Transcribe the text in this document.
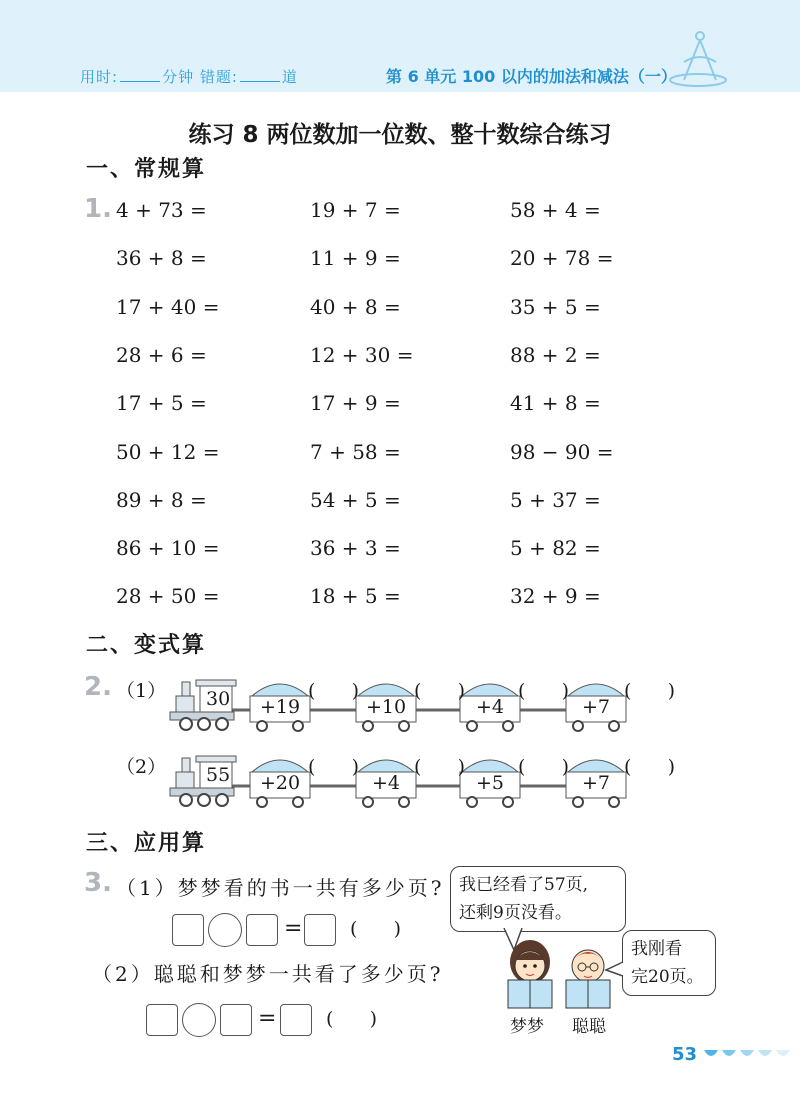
用时:	分钟 错题:	道	第 6 单元 100 以内的加法和减法（一）
练习 8 两位数加一位数、整十数综合练习
一、常规算
1. 4 + 73 =	19 + 7 =	58 + 4 =
36 + 8 =	11 + 9 =	20 + 78 =
17 + 40 =	40 + 8 =	35 + 5 =
28 + 6 =	12 + 30 =	88 + 2 =
17 + 5 =	17 + 9 =	41 + 8 =
50 + 12 =	7 + 58 =	98 − 90 =
89 + 8 =	54 + 5 =	5 + 37 =
86 + 10 =	36 + 3 =	5 + 82 =
28 + 50 =	18 + 5 =	32 + 9 =
二、变式算
2. （1） 30	+19
(      )
+10
(      )
+4
(      )
+7
(      )
（2） 55	+20
(      )
+4
(      )
+5
(      )
+7
(      )
三、应用算
3. （1）梦梦看的书一共有多少页?
=	(      )
（2）聪聪和梦梦一共看了多少页?
=	(      )
我已经看了57页,
还剩9页没看。
我刚看
完20页。
梦梦 聪聪
53
